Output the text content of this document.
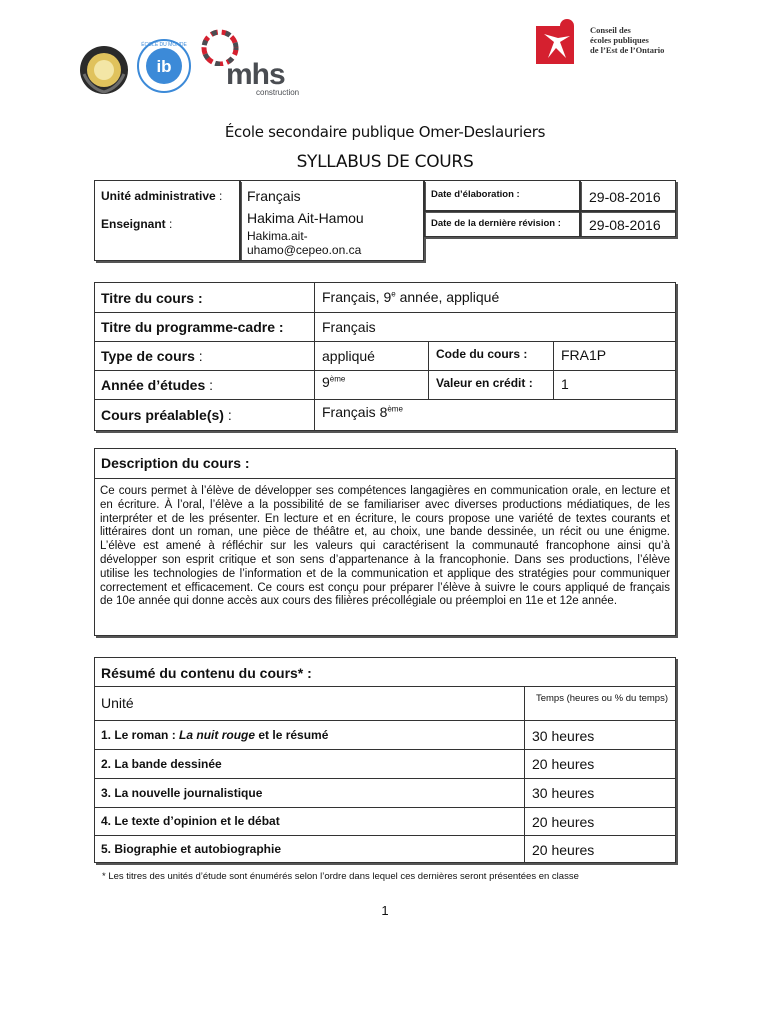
ib
ÉCOLE DU MONDE
mhs
construction
Conseil des
écoles publiques
de l’Est de l’Ontario
École secondaire publique Omer-Deslauriers
SYLLABUS DE COURS
Unité administrative : Français
Enseignant :	Hakima Ait-Hamou
Hakima.ait-
uhamo@cepeo.on.ca
Date d’élaboration :	29-08-2016
Date de la dernière révision : 29-08-2016
Titre du cours :	Français, 9e année, appliqué
Titre du programme-cadre :	Français
Type de cours :	appliqué	Code du cours : FRA1P
Année d’études :	9ème	Valeur en crédit : 1
Cours préalable(s) :	Français 8ème
Description du cours :
Ce cours permet à l’élève de développer ses compétences langagières en communication orale, en lecture et en écriture. À l’oral, l’élève a la possibilité de se familiariser avec diverses productions médiatiques, de les interpréter et de les présenter. En lecture et en écriture, le cours propose une variété de textes courants et littéraires dont un roman, une pièce de théâtre et, au choix, une bande dessinée, un récit ou une énigme. L’élève est amené à réfléchir sur les valeurs qui caractérisent la communauté francophone ainsi qu’à développer son esprit critique et son sens d’appartenance à la francophonie. Dans ses productions, l’élève utilise les technologies de l’information et de la communication et applique des stratégies pour communiquer correctement et efficacement. Ce cours est conçu pour préparer l’élève à suivre le cours appliqué de français de 10e année qui donne accès aux cours des filières précollégiale ou préemploi en 11e et 12e année.
Résumé du contenu du cours* :
Unité	Temps (heures ou % du temps)
1. Le roman : La nuit rouge et le résumé	30 heures
2. La bande dessinée	20 heures
3. La nouvelle journalistique	30 heures
4. Le texte d’opinion et le débat	20 heures
5. Biographie et autobiographie	20 heures
* Les titres des unités d’étude sont énumérés selon l’ordre dans lequel ces dernières seront présentées en classe
1
